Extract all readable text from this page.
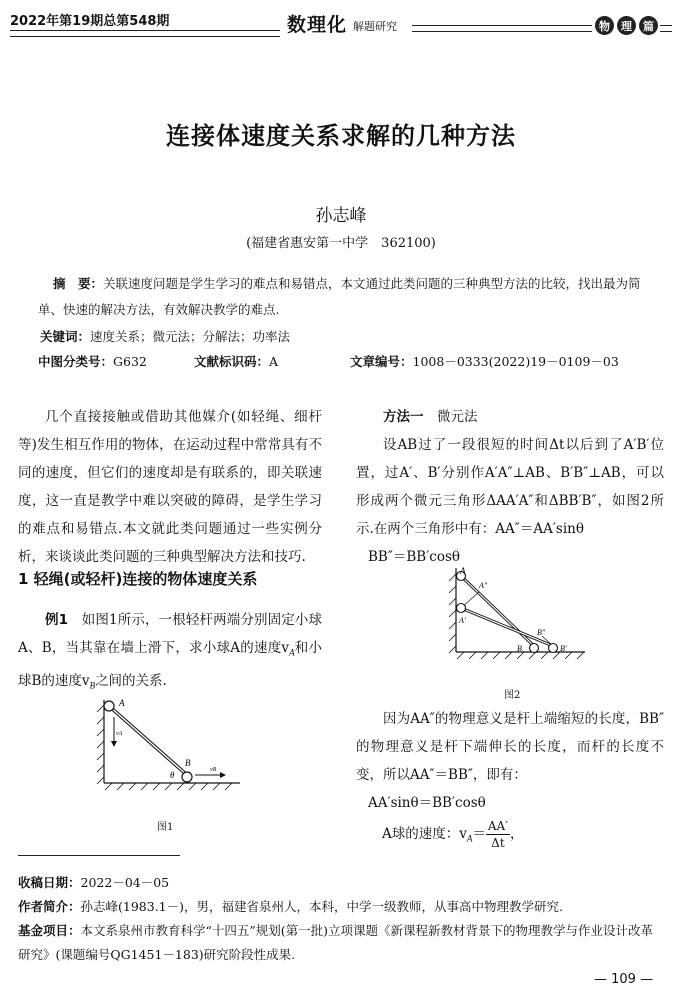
2022年第19期总第548期	数理化 解题研究	物	理	篇
连接体速度关系求解的几种方法
孙志峰
(福建省惠安第一中学　362100)
摘　要：关联速度问题是学生学习的难点和易错点，本文通过此类问题的三种典型方法的比较，找出最为简单、快速的解决方法，有效解决教学的难点.
关键词：速度关系；微元法；分解法；功率法
中图分类号：G632	文献标识码：A	文章编号：1008－0333(2022)19－0109－03
几个直接接触或借助其他媒介(如轻绳、细杆等)发生相互作用的物体，在运动过程中常常具有不同的速度，但它们的速度却是有联系的，即关联速度，这一直是教学中难以突破的障碍，是学生学习的难点和易错点.本文就此类问题通过一些实例分析，来谈谈此类问题的三种典型解决方法和技巧.
1 轻绳(或轻杆)连接的物体速度关系
例1　如图1所示，一根轻杆两端分别固定小球A、B，当其靠在墙上滑下，求小球A的速度$v_A$和小球B的速度$v_B$之间的关系.
A
vA
B
θ	vB
图1
方法一　微元法
设AB过了一段很短的时间Δt以后到了A′B′位置，过A′、B′分别作A′A″⊥AB、B′B″⊥AB，可以形成两个微元三角形ΔAA′A″和ΔBB′B″，如图2所示.在两个三角形中有：AA″＝AA′sinθ
BB″＝BB′cosθ
A
A″
A′
B″
B	B′
图2
因为AA″的物理意义是杆上端缩短的长度，BB″的物理意义是杆下端伸长的长度，而杆的长度不变，所以AA″＝BB″，即有：
AA′sinθ＝BB′cosθ
A球的速度：$v_A= \frac{AA'}{\Delta t}$ ，
收稿日期：2022－04－05
作者简介：孙志峰(1983.1－)，男，福建省泉州人，本科，中学一级教师，从事高中物理教学研究.
基金项目：本文系泉州市教育科学“十四五”规划(第一批)立项课题《新课程新教材背景下的物理教学与作业设计改革研究》(课题编号QG1451－183)研究阶段性成果.
— 109 —
